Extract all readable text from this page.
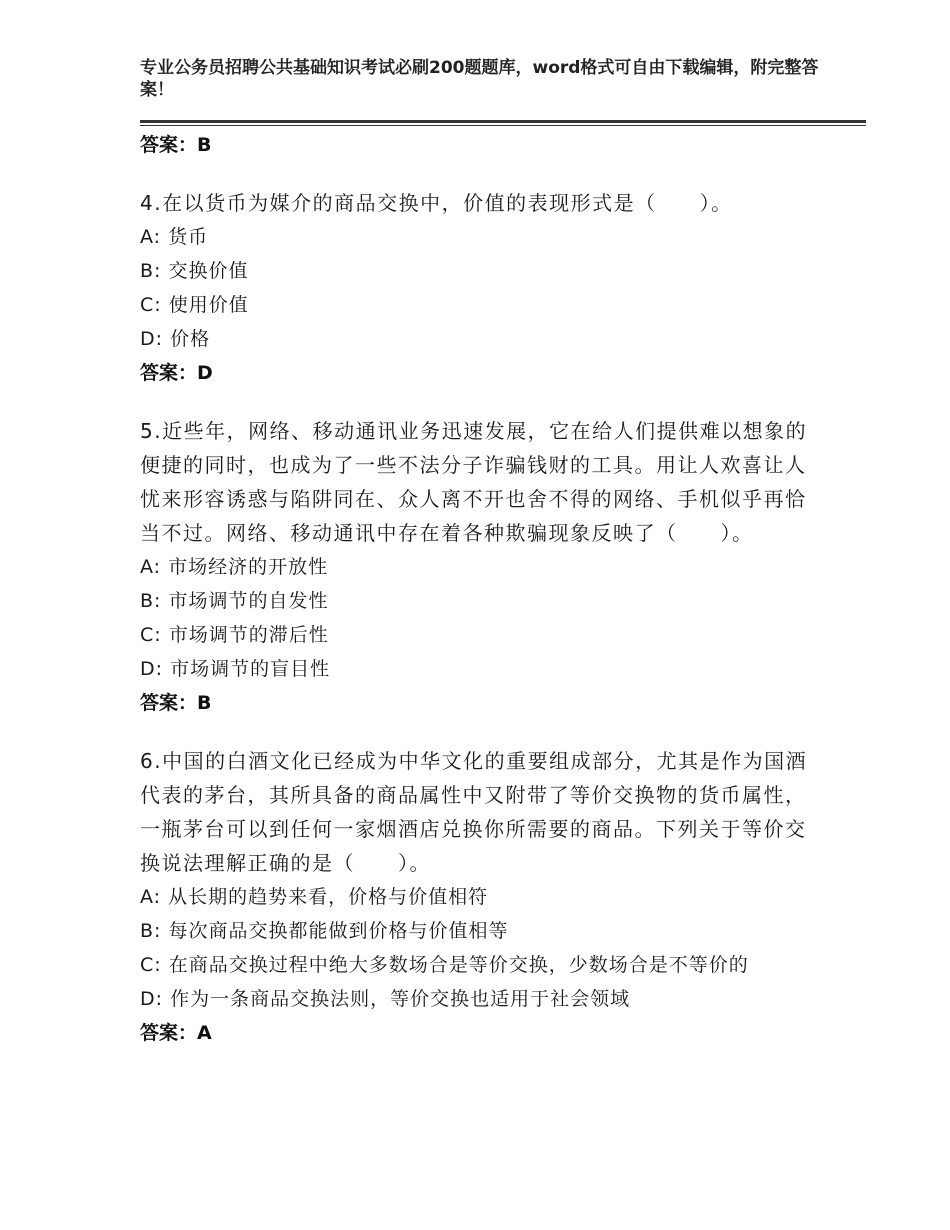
专业公务员招聘公共基础知识考试必刷200题题库，word格式可自由下载编辑，附完整答案！
答案：B
4.在以货币为媒介的商品交换中，价值的表现形式是（　　）。
A: 货币
B: 交换价值
C: 使用价值
D: 价格
答案：D
5.近些年，网络、移动通讯业务迅速发展，它在给人们提供难以想象的便捷的同时，也成为了一些不法分子诈骗钱财的工具。用让人欢喜让人忧来形容诱惑与陷阱同在、众人离不开也舍不得的网络、手机似乎再恰当不过。网络、移动通讯中存在着各种欺骗现象反映了（　　）。
A: 市场经济的开放性
B: 市场调节的自发性
C: 市场调节的滞后性
D: 市场调节的盲目性
答案：B
6.中国的白酒文化已经成为中华文化的重要组成部分，尤其是作为国酒代表的茅台，其所具备的商品属性中又附带了等价交换物的货币属性，一瓶茅台可以到任何一家烟酒店兑换你所需要的商品。下列关于等价交换说法理解正确的是（　　）。
A: 从长期的趋势来看，价格与价值相符
B: 每次商品交换都能做到价格与价值相等
C: 在商品交换过程中绝大多数场合是等价交换，少数场合是不等价的
D: 作为一条商品交换法则，等价交换也适用于社会领域
答案：A
